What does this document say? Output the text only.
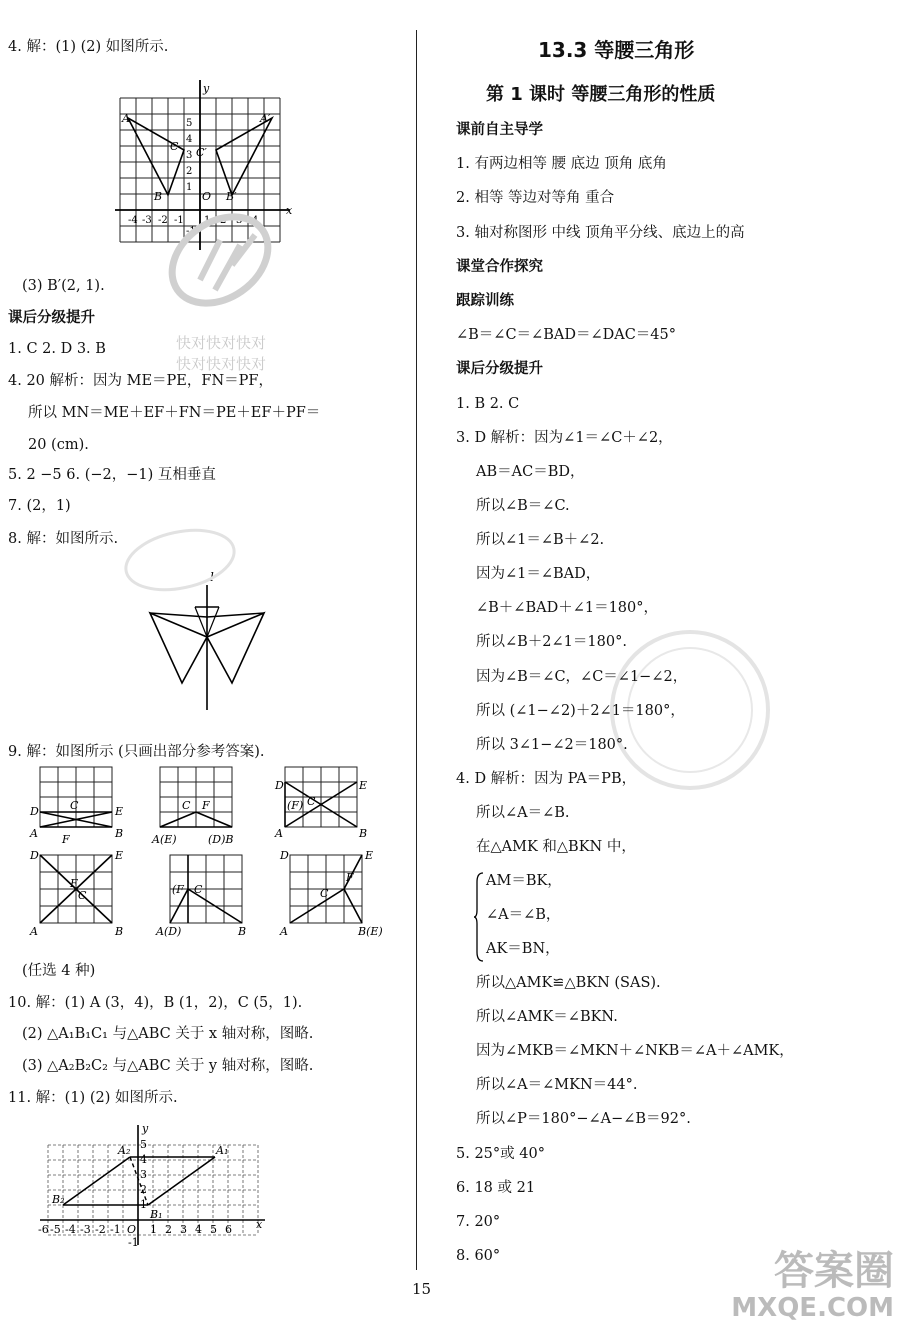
4. 解：(1) (2) 如图所示.
y
A	A′
C C′
B	O B′
x
5
4
3
2
1
-4 -3 -2 -1 1 2 3 4
-1
(3) B′(2, 1).
课后分级提升
1. C 2. D 3. B
4. 20 解析：因为 ME＝PE，FN＝PF，
所以 MN＝ME＋EF＋FN＝PE＋EF＋PF＝
20 (cm).
5. 2 −5 6. (−2，−1) 互相垂直
7. (2，1)
8. 解：如图所示.
l
9. 解：如图所示 (只画出部分参考答案).
D	C	E
A F	B
C F
A(E)	(D)B
D	E
(F) C
A	B
D	E
F
C
A	B
(F C
A(D)	B
D	E
F
C
A	B(E)
(任选 4 种)
10. 解：(1) A (3，4)，B (1，2)，C (5，1).
(2) △A₁B₁C₁ 与△ABC 关于 x 轴对称，图略.
(3) △A₂B₂C₂ 与△ABC 关于 y 轴对称，图略.
11. 解：(1) (2) 如图所示.
y
A₂	A₁
5
4
3
2
1
B₂
B₁
O
-6 -5 -4 -3 -2 -1	1 2 3 4 5 6 x
-1
快对快对快对
快对快对快对
13.3 等腰三角形
第 1 课时 等腰三角形的性质
课前自主导学
1. 有两边相等 腰 底边 顶角 底角
2. 相等 等边对等角 重合
3. 轴对称图形 中线 顶角平分线、底边上的高
课堂合作探究
跟踪训练
∠B＝∠C＝∠BAD＝∠DAC＝45°
课后分级提升
1. B 2. C
3. D 解析：因为∠1＝∠C＋∠2，
AB＝AC＝BD，
所以∠B＝∠C.
所以∠1＝∠B＋∠2.
因为∠1＝∠BAD，
∠B＋∠BAD＋∠1＝180°，
所以∠B＋2∠1＝180°.
因为∠B＝∠C，∠C＝∠1−∠2，
所以 (∠1−∠2)＋2∠1＝180°，
所以 3∠1−∠2＝180°.
4. D 解析：因为 PA＝PB，
所以∠A＝∠B.
在△AMK 和△BKN 中，
AM＝BK，
∠A＝∠B，
AK＝BN，
所以△AMK≌△BKN (SAS).
所以∠AMK＝∠BKN.
因为∠MKB＝∠MKN＋∠NKB＝∠A＋∠AMK，
所以∠A＝∠MKN＝44°.
所以∠P＝180°−∠A−∠B＝92°.
5. 25°或 40°
6. 18 或 21
7. 20°
8. 60°
15	答案圈
MXQE.COM
